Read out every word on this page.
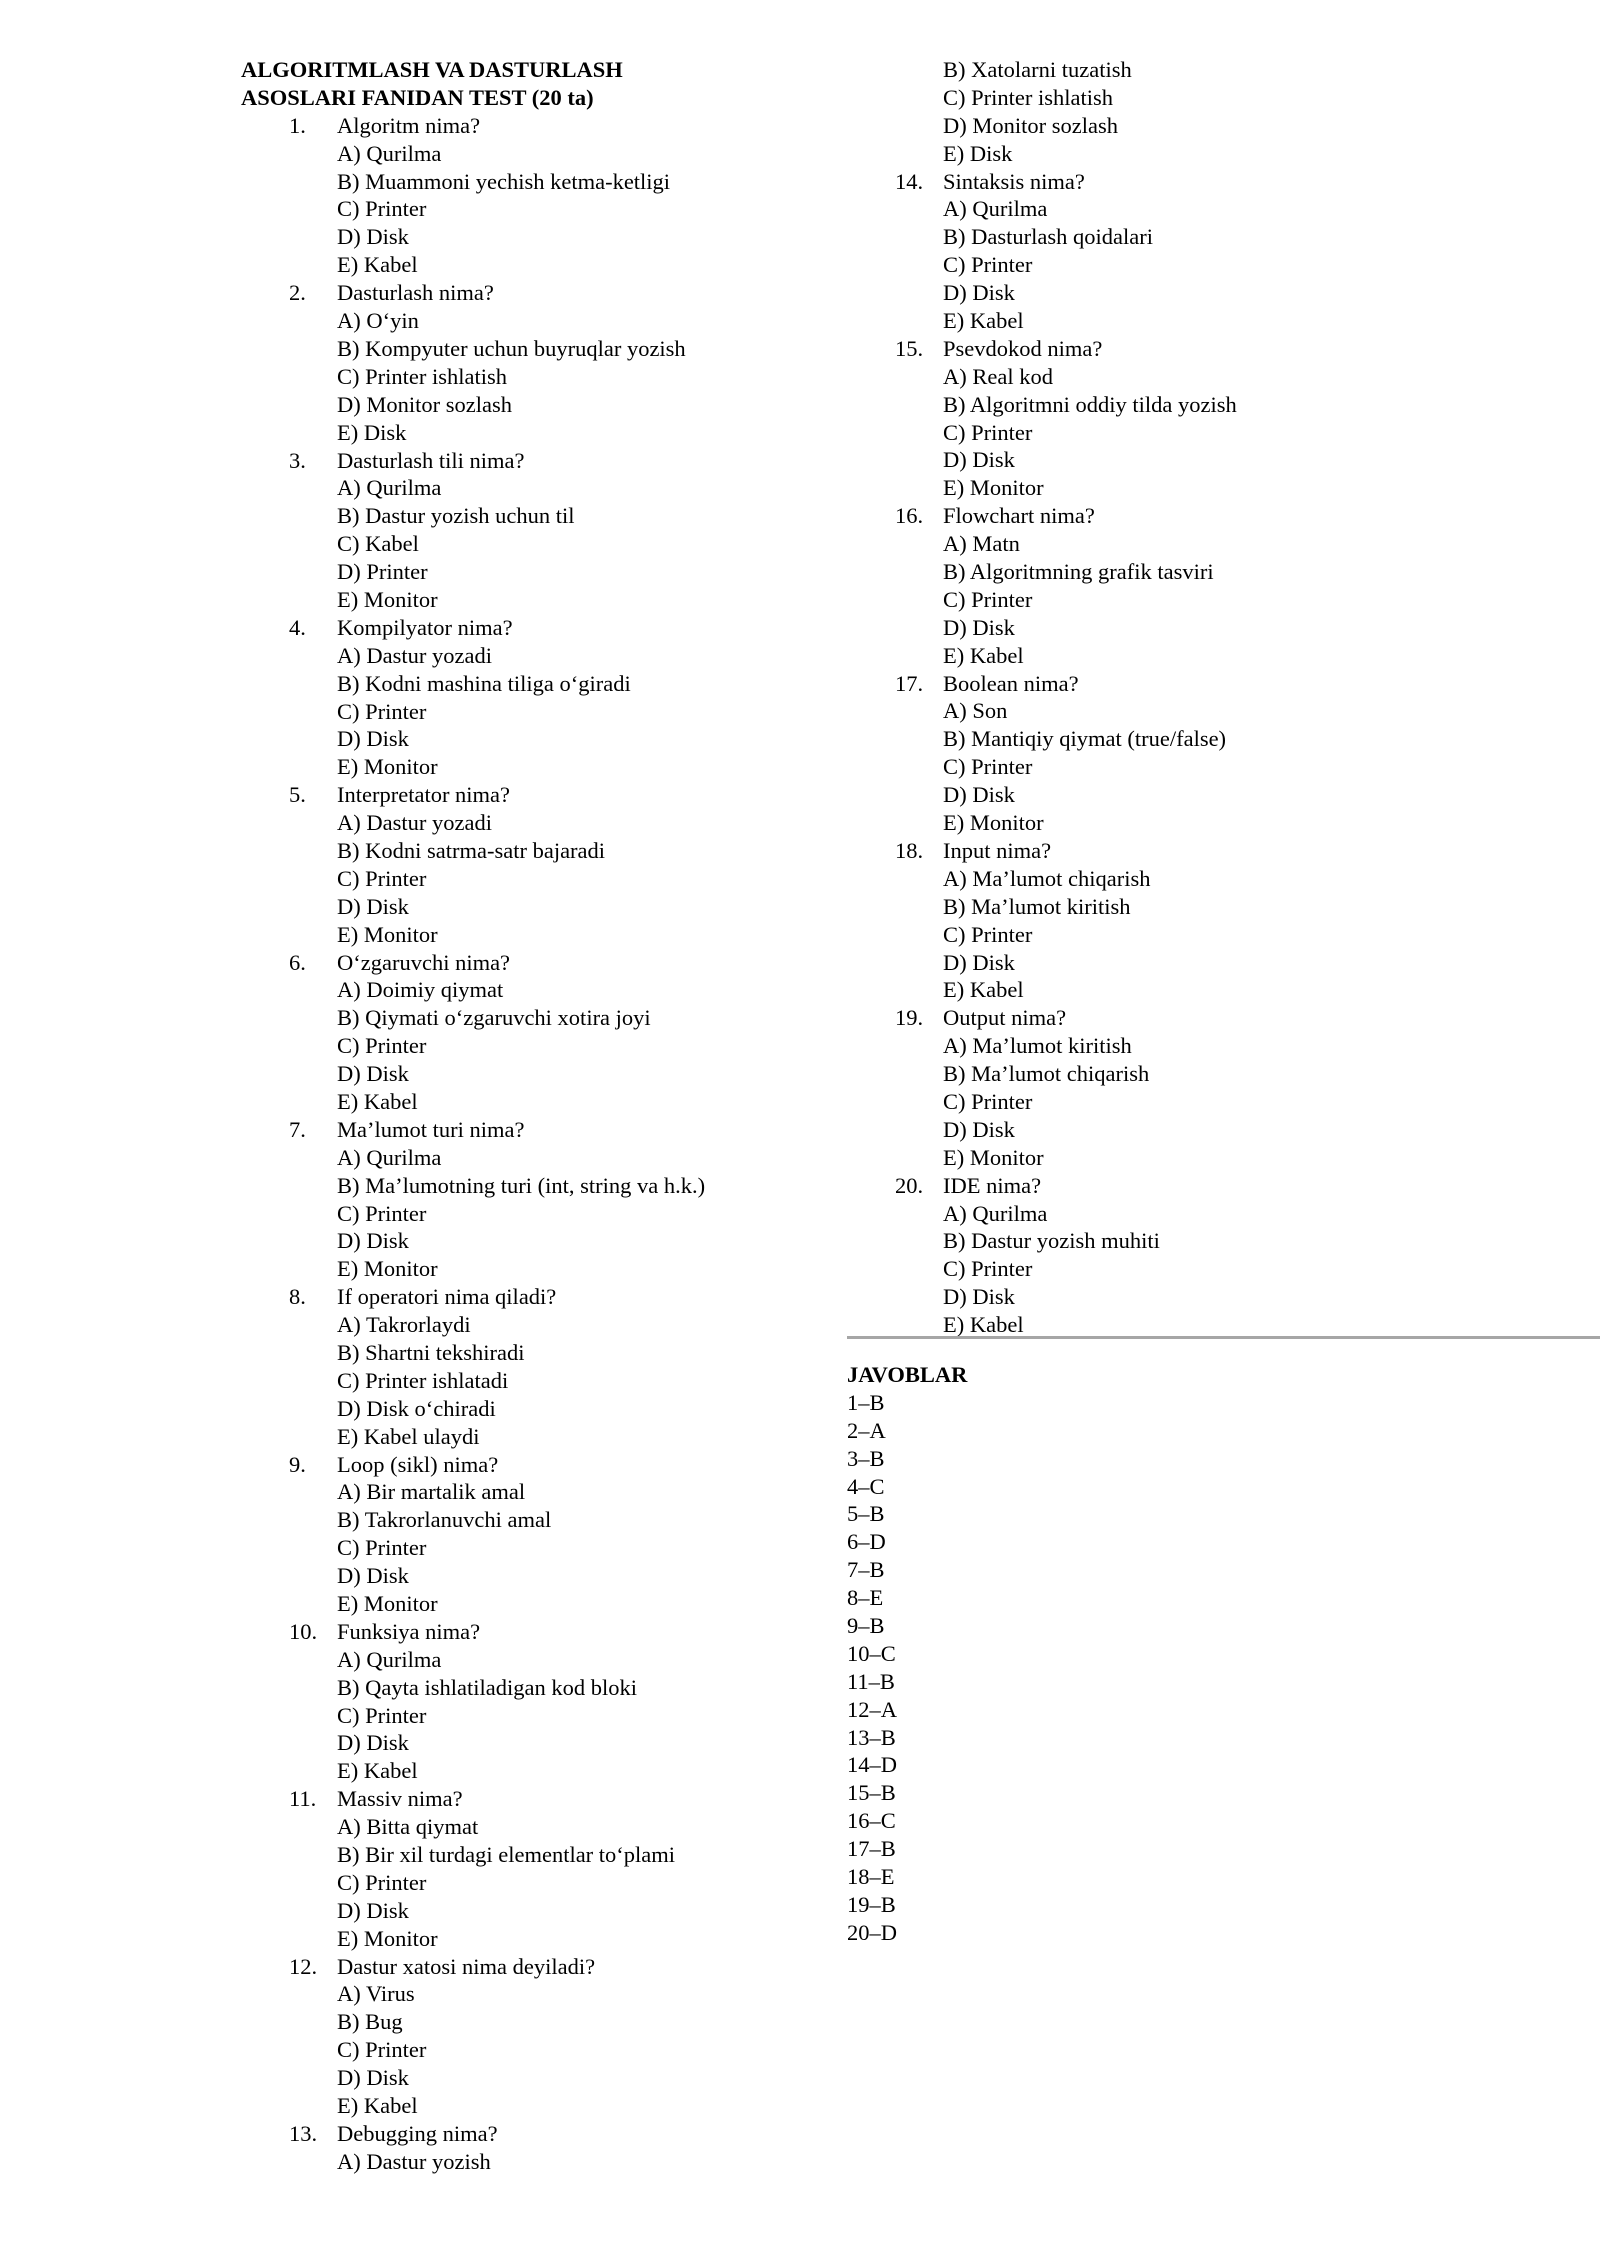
ALGORITMLASH VA DASTURLASH
ASOSLARI FANIDAN TEST (20 ta)
1. Algoritm nima?
A) Qurilma
B) Muammoni yechish ketma-ketligi
C) Printer
D) Disk
E) Kabel
2. Dasturlash nima?
A) O‘yin
B) Kompyuter uchun buyruqlar yozish
C) Printer ishlatish
D) Monitor sozlash
E) Disk
3. Dasturlash tili nima?
A) Qurilma
B) Dastur yozish uchun til
C) Kabel
D) Printer
E) Monitor
4. Kompilyator nima?
A) Dastur yozadi
B) Kodni mashina tiliga o‘giradi
C) Printer
D) Disk
E) Monitor
5. Interpretator nima?
A) Dastur yozadi
B) Kodni satrma-satr bajaradi
C) Printer
D) Disk
E) Monitor
6. O‘zgaruvchi nima?
A) Doimiy qiymat
B) Qiymati o‘zgaruvchi xotira joyi
C) Printer
D) Disk
E) Kabel
7. Ma’lumot turi nima?
A) Qurilma
B) Ma’lumotning turi (int, string va h.k.)
C) Printer
D) Disk
E) Monitor
8. If operatori nima qiladi?
A) Takrorlaydi
B) Shartni tekshiradi
C) Printer ishlatadi
D) Disk o‘chiradi
E) Kabel ulaydi
9. Loop (sikl) nima?
A) Bir martalik amal
B) Takrorlanuvchi amal
C) Printer
D) Disk
E) Monitor
10. Funksiya nima?
A) Qurilma
B) Qayta ishlatiladigan kod bloki
C) Printer
D) Disk
E) Kabel
11. Massiv nima?
A) Bitta qiymat
B) Bir xil turdagi elementlar to‘plami
C) Printer
D) Disk
E) Monitor
12. Dastur xatosi nima deyiladi?
A) Virus
B) Bug
C) Printer
D) Disk
E) Kabel
13. Debugging nima?
A) Dastur yozish
B) Xatolarni tuzatish
C) Printer ishlatish
D) Monitor sozlash
E) Disk
14. Sintaksis nima?
A) Qurilma
B) Dasturlash qoidalari
C) Printer
D) Disk
E) Kabel
15. Psevdokod nima?
A) Real kod
B) Algoritmni oddiy tilda yozish
C) Printer
D) Disk
E) Monitor
16. Flowchart nima?
A) Matn
B) Algoritmning grafik tasviri
C) Printer
D) Disk
E) Kabel
17. Boolean nima?
A) Son
B) Mantiqiy qiymat (true/false)
C) Printer
D) Disk
E) Monitor
18. Input nima?
A) Ma’lumot chiqarish
B) Ma’lumot kiritish
C) Printer
D) Disk
E) Kabel
19. Output nima?
A) Ma’lumot kiritish
B) Ma’lumot chiqarish
C) Printer
D) Disk
E) Monitor
20. IDE nima?
A) Qurilma
B) Dastur yozish muhiti
C) Printer
D) Disk
E) Kabel
JAVOBLAR
1–B
2–A
3–B
4–C
5–B
6–D
7–B
8–E
9–B
10–C
11–B
12–A
13–B
14–D
15–B
16–C
17–B
18–E
19–B
20–D
